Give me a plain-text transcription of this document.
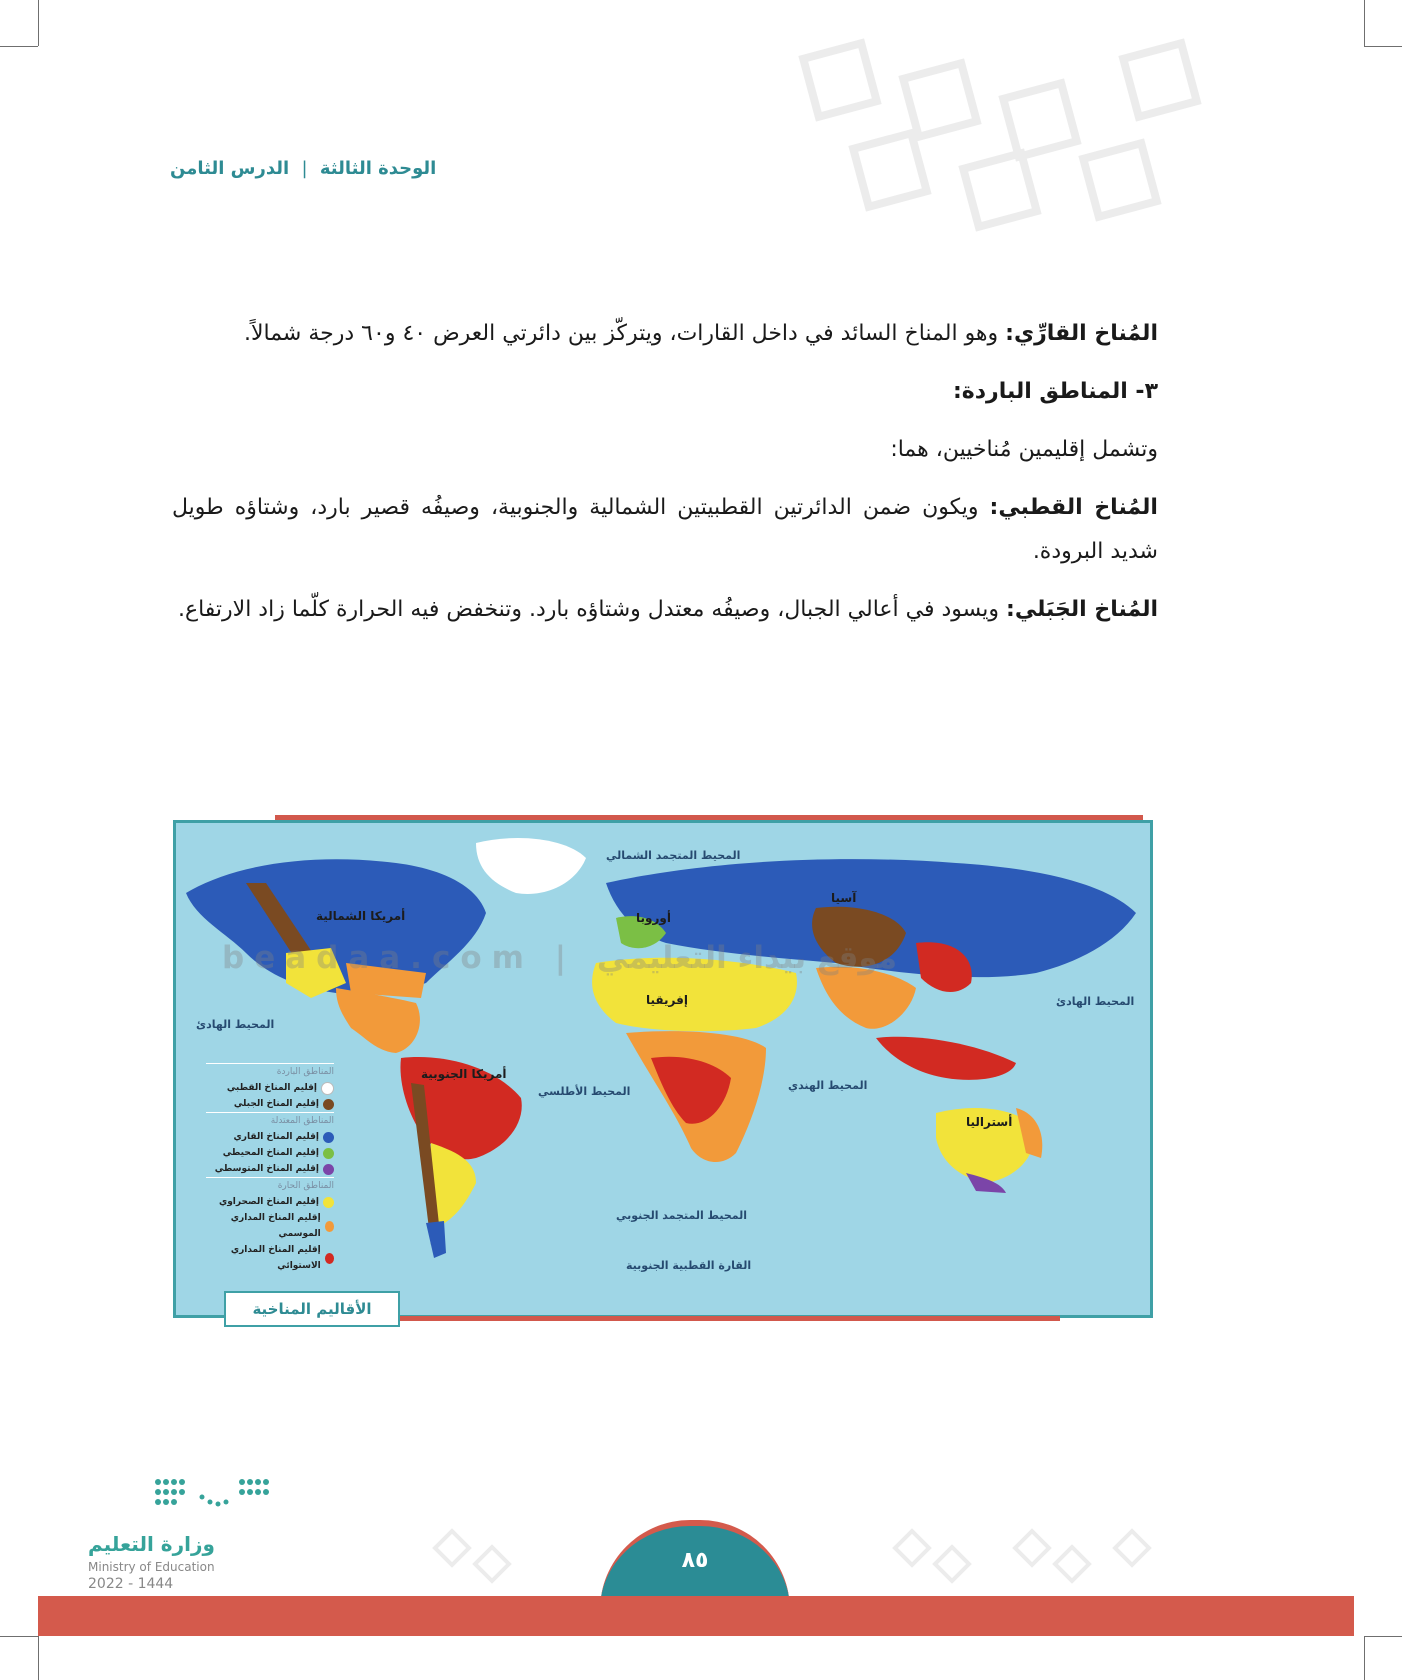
الوحدة الثالثة | الدرس الثامن

المُناخ القارِّي: وهو المناخ السائد في داخل القارات، ويتركّز بين دائرتي العرض ٤٠ و٦٠ درجة شمالاً.

٣- المناطق الباردة:

وتشمل إقليمين مُناخيين، هما:

المُناخ القطبي: ويكون ضمن الدائرتين القطبيتين الشمالية والجنوبية، وصيفُه قصير بارد، وشتاؤه طويل شديد البرودة.

المُناخ الجَبَلي: ويسود في أعالي الجبال، وصيفُه معتدل وشتاؤه بارد. وتنخفض فيه الحرارة كلّما زاد الارتفاع.

المحيط المتجمد الشمالي
المحيط الهادئ
المحيط الهادئ
المحيط الأطلسي	المحيط الهندي
المحيط المتجمد الجنوبي
القارة القطبية الجنوبية
أمريكا الشمالية
أمريكا الجنوبية
أوروبا
آسيا
إفريقيا
أستراليا
المناطق الباردة
إقليم المناخ القطبي
إقليم المناخ الجبلي
المناطق المعتدلة
إقليم المناخ القاري
إقليم المناخ المحيطي
إقليم المناخ المتوسطي
المناطق الحارة
إقليم المناخ الصحراوي
إقليم المناخ المداري الموسمي
إقليم المناخ المداري الاستوائي
الأقاليم المناخية
beadaa.com | موقع بيداء التعليمي
وزارة التعليم
Ministry of Education
2022 - 1444
٨٥
